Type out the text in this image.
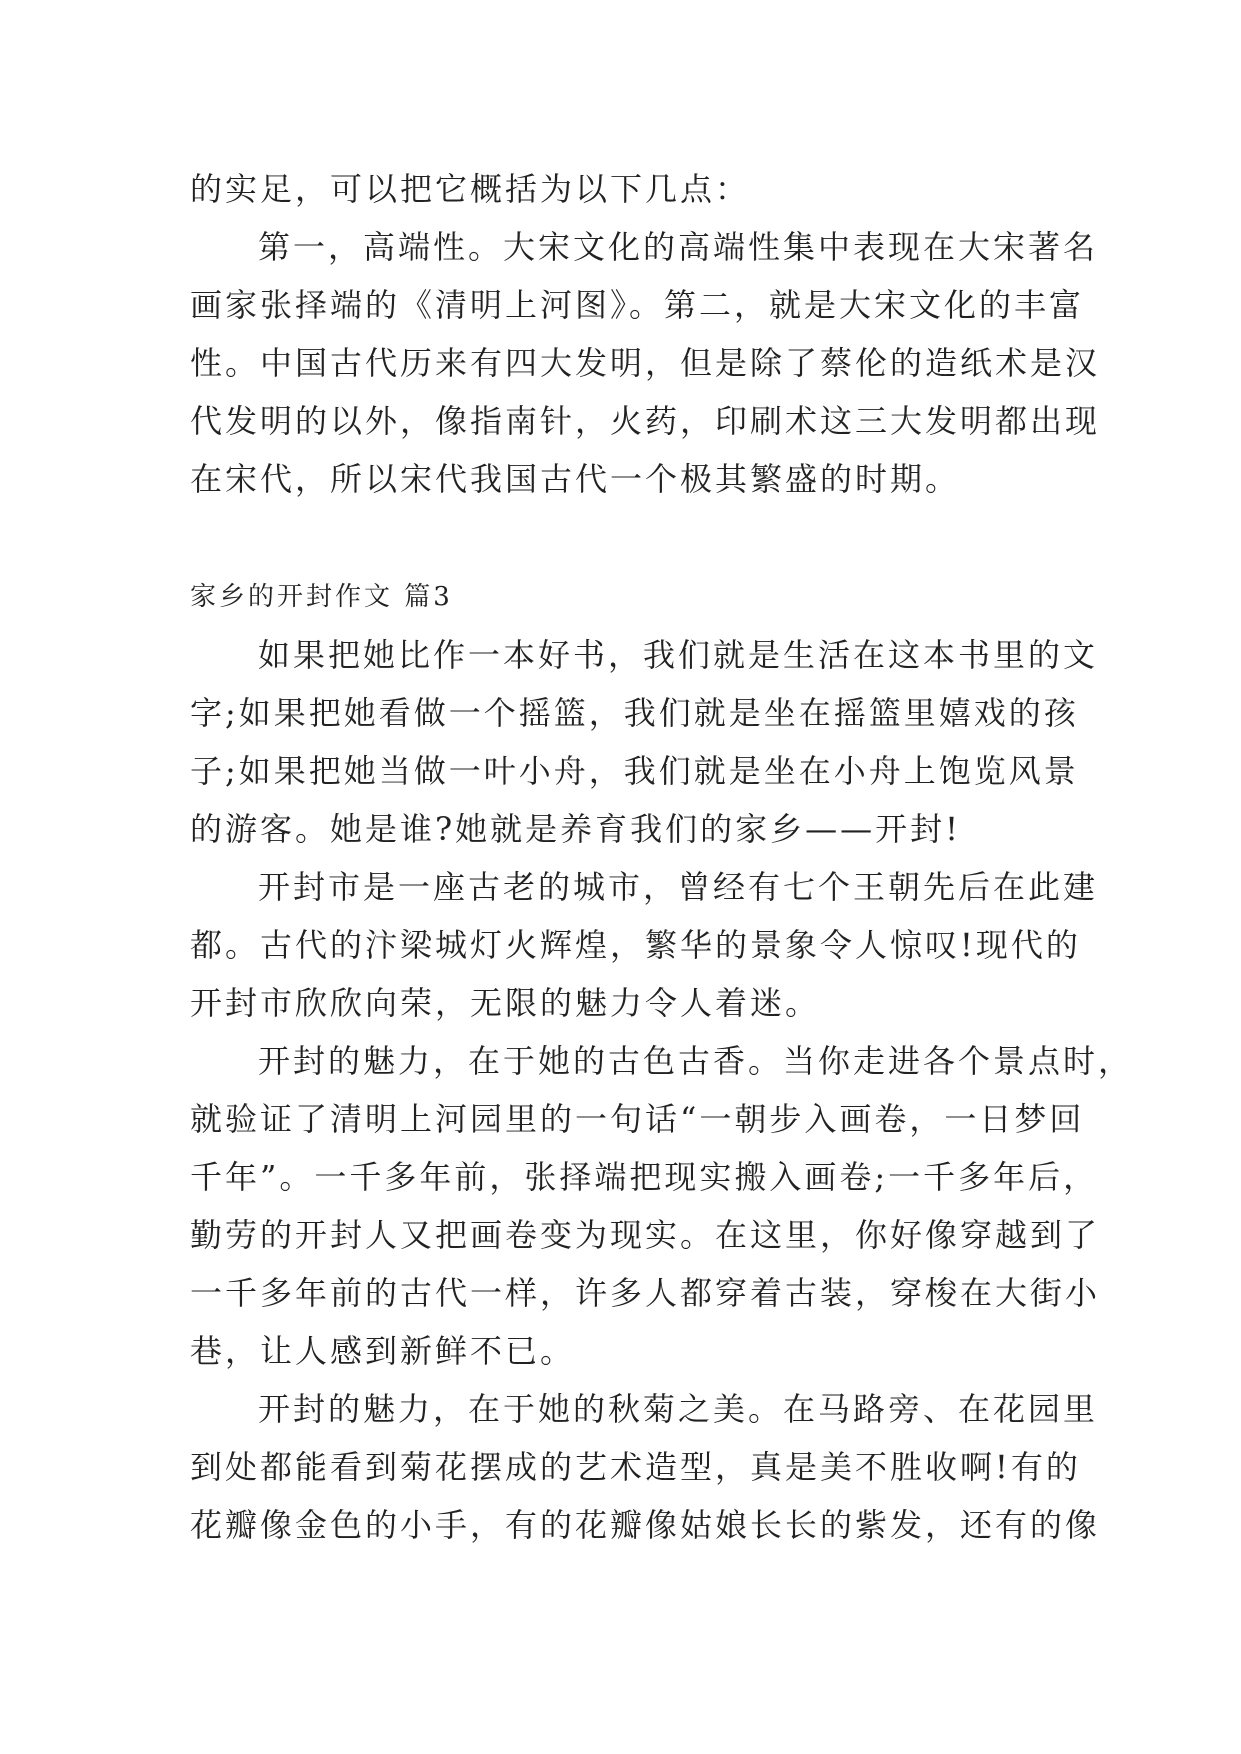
的实足，可以把它概括为以下几点：
第一，高端性。大宋文化的高端性集中表现在大宋著名
画家张择端的《清明上河图》。第二，就是大宋文化的丰富
性。中国古代历来有四大发明，但是除了蔡伦的造纸术是汉
代发明的以外，像指南针，火药，印刷术这三大发明都出现
在宋代，所以宋代我国古代一个极其繁盛的时期。
家乡的开封作文 篇3
如果把她比作一本好书，我们就是生活在这本书里的文
字;如果把她看做一个摇篮，我们就是坐在摇篮里嬉戏的孩
子;如果把她当做一叶小舟，我们就是坐在小舟上饱览风景
的游客。她是谁?她就是养育我们的家乡——开封!
开封市是一座古老的城市，曾经有七个王朝先后在此建
都。古代的汴梁城灯火辉煌，繁华的景象令人惊叹!现代的
开封市欣欣向荣，无限的魅力令人着迷。
开封的魅力，在于她的古色古香。当你走进各个景点时，
就验证了清明上河园里的一句话“一朝步入画卷，一日梦回
千年”。一千多年前，张择端把现实搬入画卷;一千多年后，
勤劳的开封人又把画卷变为现实。在这里，你好像穿越到了
一千多年前的古代一样，许多人都穿着古装，穿梭在大街小
巷，让人感到新鲜不已。
开封的魅力，在于她的秋菊之美。在马路旁、在花园里
到处都能看到菊花摆成的艺术造型，真是美不胜收啊!有的
花瓣像金色的小手，有的花瓣像姑娘长长的紫发，还有的像
